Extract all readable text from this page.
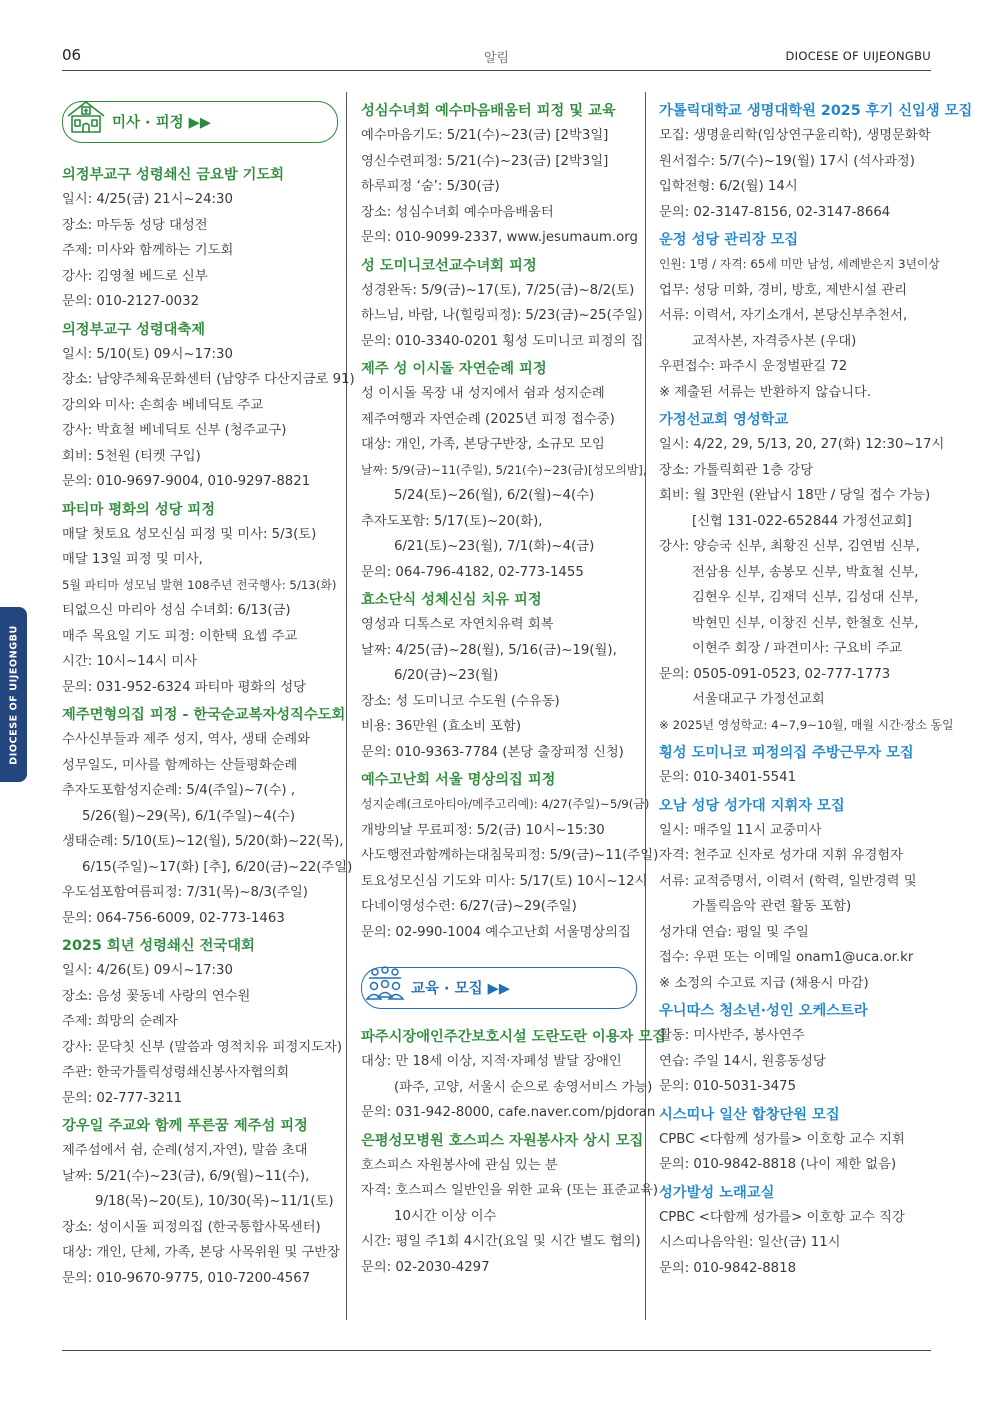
06	알림	DIOCESE OF UIJEONGBU
DIOCESE OF UIJEONGBU
미사 · 피정 ▶▶
의정부교구 성령쇄신 금요밤 기도회
일시: 4/25(금) 21시~24:30
장소: 마두동 성당 대성전
주제: 미사와 함께하는 기도회
강사: 김영철 베드로 신부
문의: 010-2127-0032
의정부교구 성령대축제
일시: 5/10(토) 09시~17:30
장소: 남양주체육문화센터 (남양주 다산지금로 91)
강의와 미사: 손희송 베네딕토 주교
강사: 박효철 베네딕토 신부 (청주교구)
회비: 5천원 (티켓 구입)
문의: 010-9697-9004, 010-9297-8821
파티마 평화의 성당 피정
매달 첫토요 성모신심 피정 및 미사: 5/3(토)
매달 13일 피정 및 미사,
5월 파티마 성모님 발현 108주년 전국행사: 5/13(화)
티없으신 마리아 성심 수녀회: 6/13(금)
매주 목요일 기도 피정: 이한택 요셉 주교
시간: 10시~14시 미사
문의: 031-952-6324 파티마 평화의 성당
제주면형의집 피정 - 한국순교복자성직수도회
수사신부들과 제주 성지, 역사, 생태 순례와
성무일도, 미사를 함께하는 산들평화순례
추자도포함성지순례: 5/4(주일)~7(수) ,
5/26(월)~29(목), 6/1(주일)~4(수)
생태순례: 5/10(토)~12(월), 5/20(화)~22(목),
6/15(주일)~17(화) [추], 6/20(금)~22(주일)
우도섬포함여름피정: 7/31(목)~8/3(주일)
문의: 064-756-6009, 02-773-1463
2025 희년 성령쇄신 전국대회
일시: 4/26(토) 09시~17:30
장소: 음성 꽃동네 사랑의 연수원
주제: 희망의 순례자
강사: 문닥칫 신부 (말씀과 영적치유 피정지도자)
주관: 한국가톨릭성령쇄신봉사자협의회
문의: 02-777-3211
강우일 주교와 함께 푸른꿈 제주섬 피정
제주섬에서 쉼, 순례(성지,자연), 말씀 초대
날짜: 5/21(수)~23(금), 6/9(월)~11(수),
9/18(목)~20(토), 10/30(목)~11/1(토)
장소: 성이시돌 피정의집 (한국통합사목센터)
대상: 개인, 단체, 가족, 본당 사목위원 및 구반장
문의: 010-9670-9775, 010-7200-4567
성심수녀회 예수마음배움터 피정 및 교육
예수마음기도: 5/21(수)~23(금) [2박3일]
영신수련피정: 5/21(수)~23(금) [2박3일]
하루피정 ‘숨’: 5/30(금)
장소: 성심수녀회 예수마음배움터
문의: 010-9099-2337, www.jesumaum.org
성 도미니코선교수녀회 피정
성경완독: 5/9(금)~17(토), 7/25(금)~8/2(토)
하느님, 바람, 나(힐링피정): 5/23(금)~25(주일)
문의: 010-3340-0201 횡성 도미니코 피정의 집
제주 성 이시돌 자연순례 피정
성 이시돌 목장 내 성지에서 쉼과 성지순례
제주여행과 자연순례 (2025년 피정 접수중)
대상: 개인, 가족, 본당구반장, 소규모 모임
날짜: 5/9(금)~11(주일), 5/21(수)~23(금)[성모의밤],
5/24(토)~26(월), 6/2(월)~4(수)
추자도포함: 5/17(토)~20(화),
6/21(토)~23(월), 7/1(화)~4(금)
문의: 064-796-4182, 02-773-1455
효소단식 성체신심 치유 피정
영성과 디톡스로 자연치유력 회복
날짜: 4/25(금)~28(월), 5/16(금)~19(월),
6/20(금)~23(월)
장소: 성 도미니코 수도원 (수유동)
비용: 36만원 (효소비 포함)
문의: 010-9363-7784 (본당 출장피정 신청)
예수고난회 서울 명상의집 피정
성지순례(크로아티아/메주고리예): 4/27(주일)~5/9(금)
개방의날 무료피정: 5/2(금) 10시~15:30
사도행전과함께하는대침묵피정: 5/9(금)~11(주일)
토요성모신심 기도와 미사: 5/17(토) 10시~12시
다네이영성수련: 6/27(금)~29(주일)
문의: 02-990-1004 예수고난회 서울명상의집
교육 · 모집 ▶▶
파주시장애인주간보호시설 도란도란 이용자 모집
대상: 만 18세 이상, 지적·자폐성 발달 장애인
(파주, 고양, 서울시 순으로 송영서비스 가능)
문의: 031-942-8000, cafe.naver.com/pjdoran
은평성모병원 호스피스 자원봉사자 상시 모집
호스피스 자원봉사에 관심 있는 분
자격: 호스피스 일반인을 위한 교육 (또는 표준교육)
10시간 이상 이수
시간: 평일 주1회 4시간(요일 및 시간 별도 협의)
문의: 02-2030-4297
가톨릭대학교 생명대학원 2025 후기 신입생 모집
모집: 생명윤리학(임상연구윤리학), 생명문화학
원서접수: 5/7(수)~19(월) 17시 (석사과정)
입학전형: 6/2(월) 14시
문의: 02-3147-8156, 02-3147-8664
운정 성당 관리장 모집
인원: 1명 / 자격: 65세 미만 남성, 세례받은지 3년이상
업무: 성당 미화, 경비, 방호, 제반시설 관리
서류: 이력서, 자기소개서, 본당신부추천서,
교적사본, 자격증사본 (우대)
우편접수: 파주시 운정벌판길 72
※ 제출된 서류는 반환하지 않습니다.
가정선교회 영성학교
일시: 4/22, 29, 5/13, 20, 27(화) 12:30~17시
장소: 가톨릭회관 1층 강당
회비: 월 3만원 (완납시 18만 / 당일 접수 가능)
[신협 131-022-652844 가정선교회]
강사: 양승국 신부, 최황진 신부, 김연범 신부,
전삼용 신부, 송봉모 신부, 박효철 신부,
김현우 신부, 김재덕 신부, 김성대 신부,
박현민 신부, 이창진 신부, 한철호 신부,
이현주 회장 / 파견미사: 구요비 주교
문의: 0505-091-0523, 02-777-1773
서울대교구 가정선교회
※ 2025년 영성학교: 4~7,9~10월, 매월 시간·장소 동일
횡성 도미니코 피정의집 주방근무자 모집
문의: 010-3401-5541
오남 성당 성가대 지휘자 모집
일시: 매주일 11시 교중미사
자격: 천주교 신자로 성가대 지휘 유경험자
서류: 교적증명서, 이력서 (학력, 일반경력 및
가톨릭음악 관련 활동 포함)
성가대 연습: 평일 및 주일
접수: 우편 또는 이메일 onam1@uca.or.kr
※ 소정의 수고료 지급 (채용시 마감)
우니따스 청소년·성인 오케스트라
활동: 미사반주, 봉사연주
연습: 주일 14시, 원흥동성당
문의: 010-5031-3475
시스띠나 일산 합창단원 모집
CPBC <다함께 성가를> 이호항 교수 지휘
문의: 010-9842-8818 (나이 제한 없음)
성가발성 노래교실
CPBC <다함께 성가를> 이호항 교수 직강
시스띠나음악원: 일산(금) 11시
문의: 010-9842-8818
